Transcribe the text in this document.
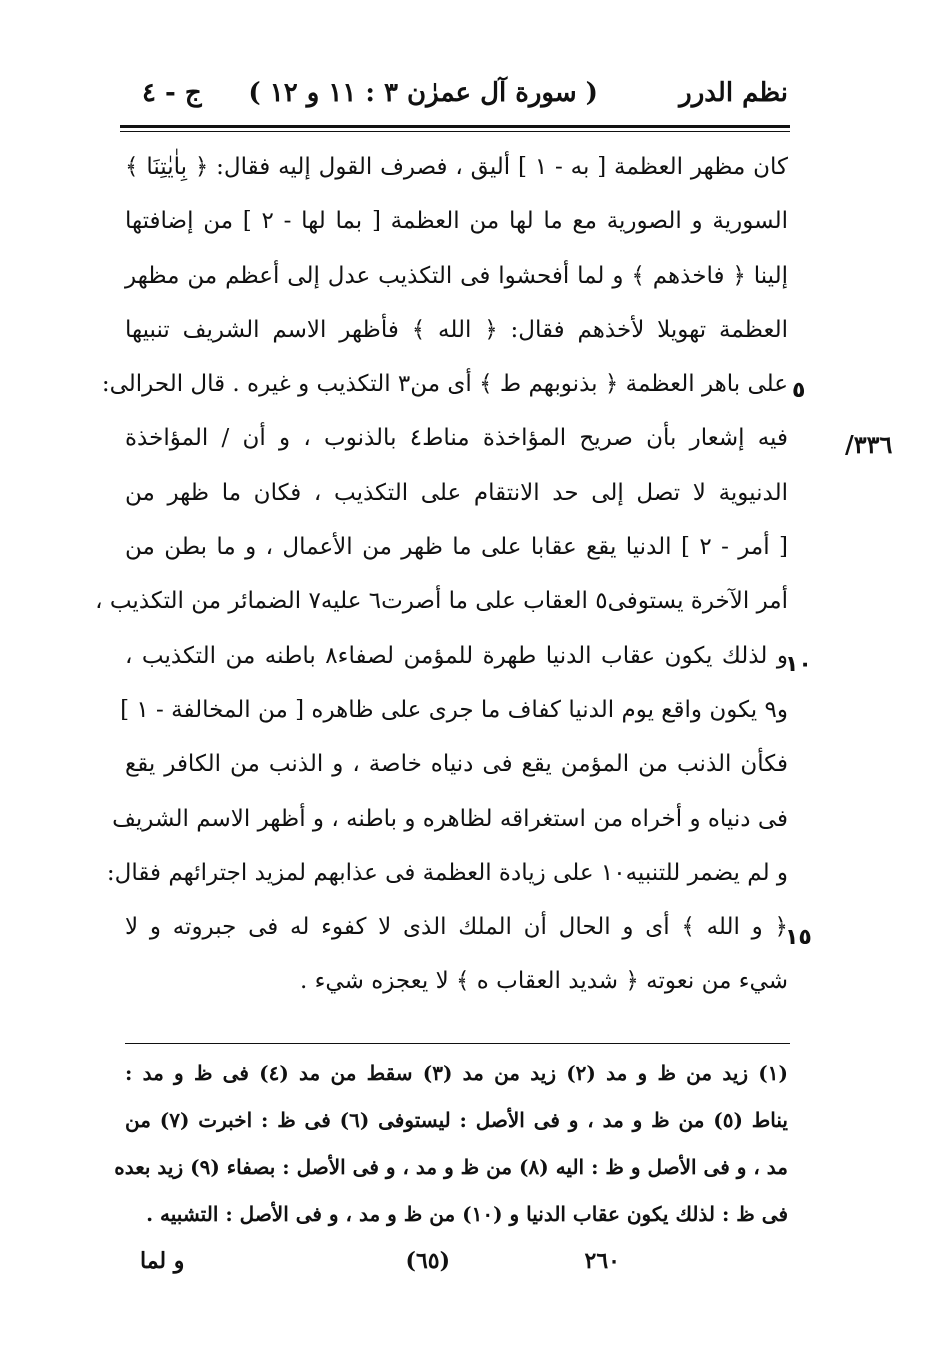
نظم الدرر
( سورة آل عمرٰن ٣ : ١١ و ١٢ )
ج - ٤
٣٣٦/
٥
١٠
١٥
كان مظهر العظمة [ به - ١ ] أليق ، فصرف القول إليه فقال: ﴿ بِاٰيٰتِنَا ﴾
السورية و الصورية مع ما لها من العظمة [ بما لها - ٢ ] من إضافتها
إلينا ﴿ فاخذهم ﴾ و لما أفحشوا فى التكذيب عدل إلى أعظم من مظهر
العظمة تهويلا لأخذهم فقال: ﴿ الله ﴾ فأظهر الاسم الشريف تنبيها
على باهر العظمة ﴿ بذنوبهم ط ﴾ أى من٣ التكذيب و غيره . قال الحرالى:
فيه إشعار بأن صريح المؤاخذة مناط٤ بالذنوب ، و أن / المؤاخذة
الدنيوية لا تصل إلى حد الانتقام على التكذيب ، فكان ما ظهر من
[ أمر - ٢ ] الدنيا يقع عقابا على ما ظهر من الأعمال ، و ما بطن من
أمر الآخرة يستوفى٥ العقاب على ما أصرت٦ عليه٧ الضمائر من التكذيب ،
و لذلك يكون عقاب الدنيا طهرة للمؤمن لصفاء٨ باطنه من التكذيب ،
و٩ يكون واقع يوم الدنيا كفاف ما جرى على ظاهره [ من المخالفة - ١ ]
فكأن الذنب من المؤمن يقع فى دنياه خاصة ، و الذنب من الكافر يقع
فى دنياه و أخراه من استغراقه لظاهره و باطنه ، و أظهر الاسم الشريف
و لم يضمر للتنبيه١٠ على زيادة العظمة فى عذابهم لمزيد اجترائهم فقال:
﴿ و الله ﴾ أى و الحال أن الملك الذى لا كفوء له فى جبروته و لا
شيء من نعوته ﴿ شديد العقاب ه ﴾ لا يعجزه شيء .
(١) زيد من ظ و مد (٢) زيد من مد (٣) سقط من مد (٤) فى ظ و مد :
يناط (٥) من ظ و مد ، و فى الأصل : ليستوفى (٦) فى ظ : اخبرت (٧) من
مد ، و فى الأصل و ظ : اليه (٨) من ظ و مد ، و فى الأصل : بصفاء (٩) زيد بعده
فى ظ : لذلك يكون عقاب الدنيا و (١٠) من ظ و مد ، و فى الأصل : التشبيه .
٢٦٠
(٦٥)
و لما
